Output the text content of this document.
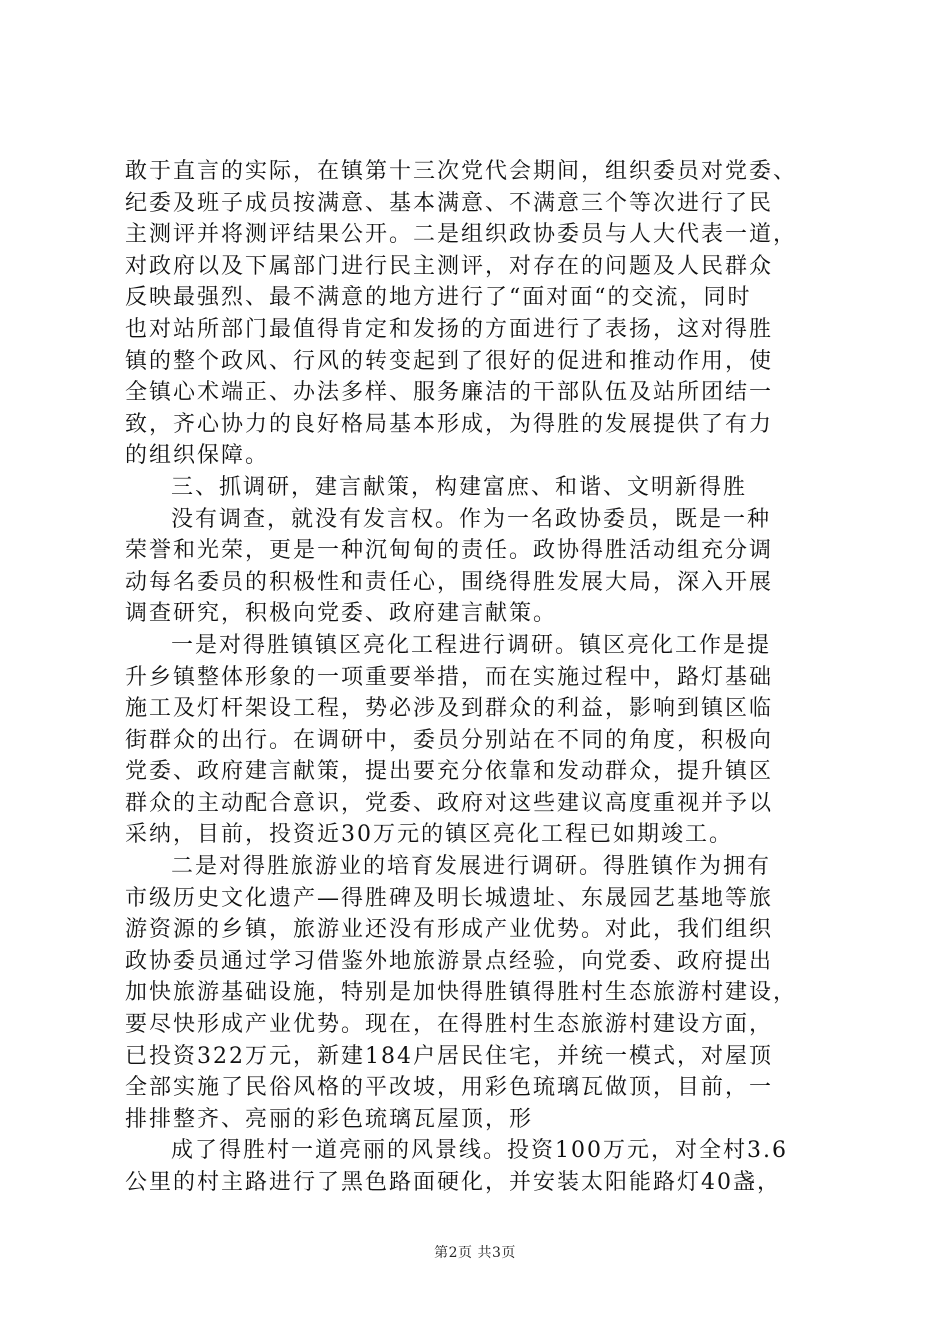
敢于直言的实际，在镇第十三次党代会期间，组织委员对党委、
纪委及班子成员按满意、基本满意、不满意三个等次进行了民
主测评并将测评结果公开。二是组织政协委员与人大代表一道，
对政府以及下属部门进行民主测评，对存在的问题及人民群众
反映最强烈、最不满意的地方进行了“面对面“的交流，同时
也对站所部门最值得肯定和发扬的方面进行了表扬，这对得胜
镇的整个政风、行风的转变起到了很好的促进和推动作用，使
全镇心术端正、办法多样、服务廉洁的干部队伍及站所团结一
致，齐心协力的良好格局基本形成，为得胜的发展提供了有力
的组织保障。
三、抓调研，建言献策，构建富庶、和谐、文明新得胜
没有调查，就没有发言权。作为一名政协委员，既是一种
荣誉和光荣，更是一种沉甸甸的责任。政协得胜活动组充分调
动每名委员的积极性和责任心，围绕得胜发展大局，深入开展
调查研究，积极向党委、政府建言献策。
一是对得胜镇镇区亮化工程进行调研。镇区亮化工作是提
升乡镇整体形象的一项重要举措，而在实施过程中，路灯基础
施工及灯杆架设工程，势必涉及到群众的利益，影响到镇区临
街群众的出行。在调研中，委员分别站在不同的角度，积极向
党委、政府建言献策，提出要充分依靠和发动群众，提升镇区
群众的主动配合意识，党委、政府对这些建议高度重视并予以
采纳，目前，投资近30万元的镇区亮化工程已如期竣工。
二是对得胜旅游业的培育发展进行调研。得胜镇作为拥有
市级历史文化遗产—得胜碑及明长城遗址、东晟园艺基地等旅
游资源的乡镇，旅游业还没有形成产业优势。对此，我们组织
政协委员通过学习借鉴外地旅游景点经验，向党委、政府提出
加快旅游基础设施，特别是加快得胜镇得胜村生态旅游村建设，
要尽快形成产业优势。现在，在得胜村生态旅游村建设方面，
已投资322万元，新建184户居民住宅，并统一模式，对屋顶
全部实施了民俗风格的平改坡，用彩色琉璃瓦做顶，目前，一
排排整齐、亮丽的彩色琉璃瓦屋顶，形
成了得胜村一道亮丽的风景线。投资100万元，对全村3.6
公里的村主路进行了黑色路面硬化，并安装太阳能路灯40盏，
第2页 共3页
